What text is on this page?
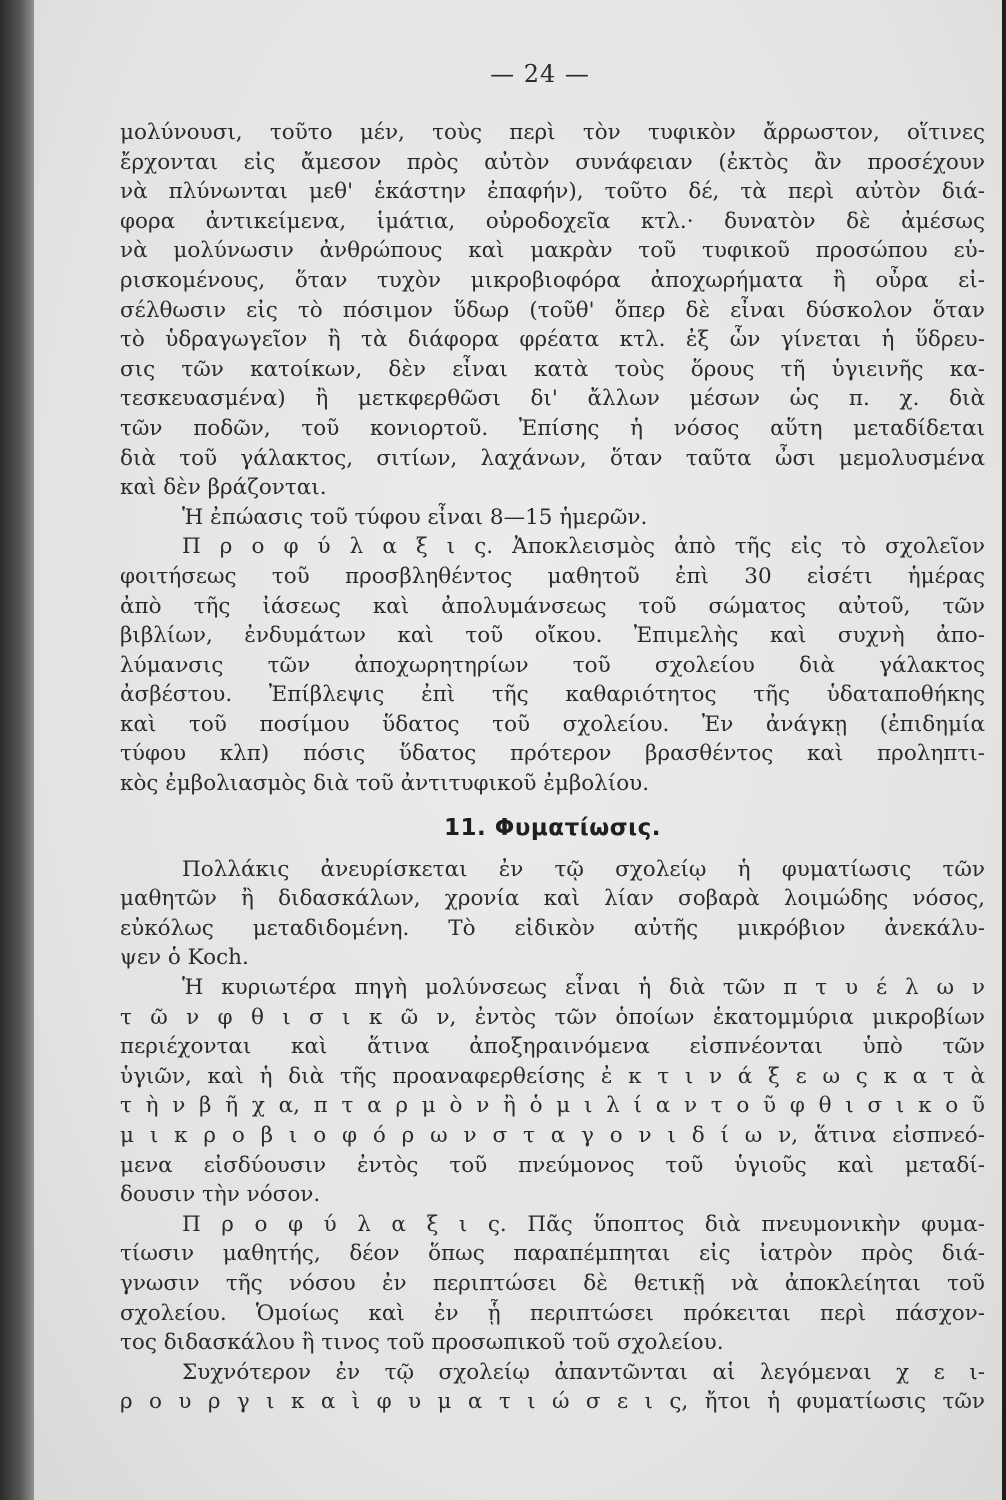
— 24 —
μολύνουσι, τοῦτο μέν, τοὺς περὶ τὸν τυφικὸν ἄρρωστον, οἵτινες
ἔρχονται εἰς ἄμεσον πρὸς αὐτὸν συνάφειαν (ἐκτὸς ἂν προσέχουν
νὰ πλύνωνται μεθ' ἑκάστην ἐπαφήν), τοῦτο δέ, τὰ περὶ αὐτὸν διά-
φορα ἀντικείμενα, ἱμάτια, οὐροδοχεῖα κτλ.· δυνατὸν δὲ ἀμέσως
νὰ μολύνωσιν ἀνθρώπους καὶ μακρὰν τοῦ τυφικοῦ προσώπου εὑ-
ρισκομένους, ὅταν τυχὸν μικροβιοφόρα ἀποχωρήματα ἢ οὖρα εἰ-
σέλθωσιν εἰς τὸ πόσιμον ὕδωρ (τοῦθ' ὅπερ δὲ εἶναι δύσκολον ὅταν
τὸ ὑδραγωγεῖον ἢ τὰ διάφορα φρέατα κτλ. ἐξ ὧν γίνεται ἡ ὕδρευ-
σις τῶν κατοίκων, δὲν εἶναι κατὰ τοὺς ὅρους τῆ ὑγιεινῆς κα-
τεσκευασμένα) ἢ μετκφερθῶσι δι' ἄλλων μέσων ὡς π. χ. διὰ
τῶν ποδῶν, τοῦ κονιορτοῦ. Ἐπίσης ἡ νόσος αὕτη μεταδίδεται
διὰ τοῦ γάλακτος, σιτίων, λαχάνων, ὅταν ταῦτα ὦσι μεμολυσμένα
καὶ δὲν βράζονται.
Ἡ ἐπώασις τοῦ τύφου εἶναι 8—15 ἡμερῶν.
Π ρ ο φ ύ λ α ξ ι ς. Ἀποκλεισμὸς ἀπὸ τῆς εἰς τὸ σχολεῖον
φοιτήσεως τοῦ προσβληθέντος μαθητοῦ ἐπὶ 30 εἰσέτι ἡμέρας
ἀπὸ τῆς ἰάσεως καὶ ἀπολυμάνσεως τοῦ σώματος αὐτοῦ, τῶν
βιβλίων, ἐνδυμάτων καὶ τοῦ οἴκου. Ἐπιμελὴς καὶ συχνὴ ἀπο-
λύμανσις τῶν ἀποχωρητηρίων τοῦ σχολείου διὰ γάλακτος
ἀσβέστου. Ἐπίβλεψις ἐπὶ τῆς καθαριότητος τῆς ὑδαταποθήκης
καὶ τοῦ ποσίμου ὕδατος τοῦ σχολείου. Ἐν ἀνάγκῃ (ἐπιδημία
τύφου κλπ) πόσις ὕδατος πρότερον βρασθέντος καὶ προληπτι-
κὸς ἐμβολιασμὸς διὰ τοῦ ἀντιτυφικοῦ ἐμβολίου.
11. Φυματίωσις.
Πολλάκις ἀνευρίσκεται ἐν τῷ σχολείῳ ἡ φυματίωσις τῶν
μαθητῶν ἢ διδασκάλων, χρονία καὶ λίαν σοβαρὰ λοιμώδης νόσος,
εὐκόλως μεταδιδομένη. Τὸ εἰδικὸν αὐτῆς μικρόβιον ἀνεκάλυ-
ψεν ὁ Koch.
Ἡ κυριωτέρα πηγὴ μολύνσεως εἶναι ἡ διὰ τῶν π τ υ έ λ ω ν
τ ῶ ν φ θ ι σ ι κ ῶ ν, ἐντὸς τῶν ὁποίων ἑκατομμύρια μικροβίων
περιέχονται καὶ ἅτινα ἀποξηραινόμενα εἰσπνέονται ὑπὸ τῶν
ὑγιῶν, καὶ ἡ διὰ τῆς προαναφερθείσης ἐ κ τ ι ν ά ξ ε ω ς κ α τ ὰ
τ ὴ ν β ῆ χ α, π τ α ρ μ ὸ ν ἢ ὁ μ ι λ ί α ν τ ο ῦ φ θ ι σ ι κ ο ῦ
μ ι κ ρ ο β ι ο φ ό ρ ω ν σ τ α γ ο ν ι δ ί ω ν, ἅτινα εἰσπνεό-
μενα εἰσδύουσιν ἐντὸς τοῦ πνεύμονος τοῦ ὑγιοῦς καὶ μεταδί-
δουσιν τὴν νόσον.
Π ρ ο φ ύ λ α ξ ι ς. Πᾶς ὕποπτος διὰ πνευμονικὴν φυμα-
τίωσιν μαθητής, δέον ὅπως παραπέμπηται εἰς ἰατρὸν πρὸς διά-
γνωσιν τῆς νόσου ἐν περιπτώσει δὲ θετικῇ νὰ ἀποκλείηται τοῦ
σχολείου. Ὁμοίως καὶ ἐν ᾗ περιπτώσει πρόκειται περὶ πάσχον-
τος διδασκάλου ἢ τινος τοῦ προσωπικοῦ τοῦ σχολείου.
Συχνότερον ἐν τῷ σχολείῳ ἀπαντῶνται αἱ λεγόμεναι χ ε ι-
ρ ο υ ρ γ ι κ α ὶ φ υ μ α τ ι ώ σ ε ι ς, ἤτοι ἡ φυματίωσις τῶν
